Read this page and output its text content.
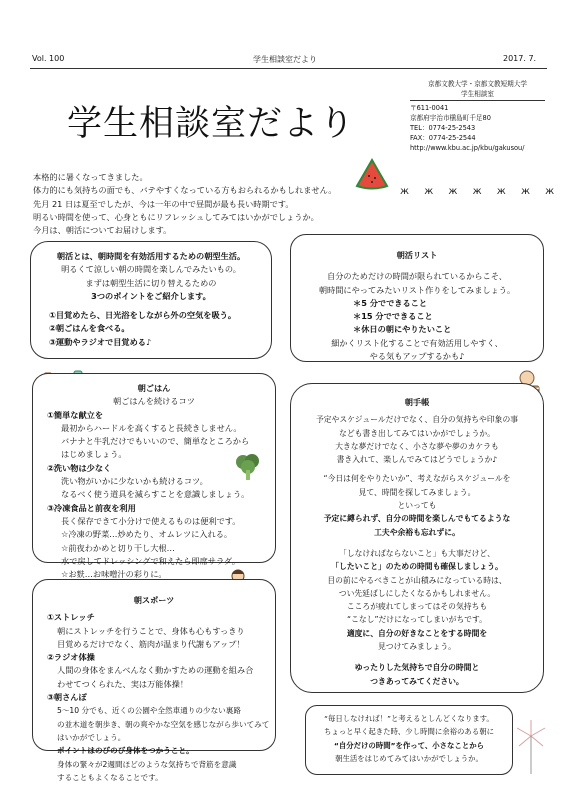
Vol. 100	学生相談室だより	2017. 7.
学生相談室だより
京都文教大学・京都文教短期大学
学生相談室
〒611-0041
京都府宇治市槇島町千足80
TEL：0774-25-2543
FAX：0774-25-2544
http://www.kbu.ac.jp/kbu/gakusou/
本格的に暑くなってきました。
体力的にも気持ちの面でも、バテやすくなっている方もおられるかもしれません。
先月 21 日は夏至でしたが、今は一年の中で昼間が最も長い時期です。
明るい時間を使って、心身ともにリフレッシュしてみてはいかがでしょうか。
今月は、朝活についてお届けします。
ж ж ж ж ж ж ж
朝活とは、朝時間を有効活用するための朝型生活。
明るくて涼しい朝の時間を楽しんでみたいもの。
まずは朝型生活に切り替えるための
3つのポイントをご紹介します。
①目覚めたら、日光浴をしながら外の空気を吸う。
②朝ごはんを食べる。
③運動やラジオで目覚める♪
朝活リスト
自分のためだけの時間が限られているからこそ、
朝時間にやってみたいリスト作りをしてみましょう。
＊5 分でできること
＊15 分でできること
＊休日の朝にやりたいこと
細かくリスト化することで有効活用しやすく、
やる気もアップするかも♪
朝ごはん
朝ごはんを続けるコツ
①簡単な献立を
最初からハードルを高くすると長続きしません。
バナナと牛乳だけでもいいので、簡単なところから
はじめましょう。
②洗い物は少なく
洗い物がいかに少ないかも続けるコツ。
なるべく使う道具を減らすことを意識しましょう。
③冷凍食品と前夜を利用
長く保存できて小分けで使えるものは便利です。
☆冷凍の野菜…炒めたり、オムレツに入れる。
☆前夜わかめと切り干し大根…
水で戻してドレッシングで和えたら即席サラダ。
☆お麩…お味噌汁の彩りに。
朝手帳
予定やスケジュールだけでなく、自分の気持ちや印象の事
なども書き出してみてはいかがでしょうか。
大きな夢だけでなく、小さな夢や夢のカケラも
書き入れて、楽しんでみてはどうでしょうか♪
“今日は何をやりたいか”、考えながらスケジュールを
見て、時間を探してみましょう。
といっても
予定に縛られず、自分の時間を楽しんでもてるような
工夫や余裕も忘れずに。
「しなければならないこと」も大事だけど、
「したいこと」のための時間も確保しましょう。
目の前にやるべきことが山積みになっている時は、
つい先延ばしにしたくなるかもしれません。
こころが疲れてしまってはその気持ちも
“こなし”だけになってしまいがちです。
適度に、自分の好きなことをする時間を
見つけてみましょう。
ゆったりした気持ちで自分の時間と
つきあってみてください。
朝スポーツ
①ストレッチ
朝にストレッチを行うことで、身体も心もすっきり
目覚めるだけでなく、筋肉が温まり代謝もアップ！
②ラジオ体操
人間の身体をまんべんなく動かすための運動を組み合
わせてつくられた、実は万能体操！
③朝さんぽ
5～10 分でも、近くの公園や全然車通りの少ない裏路
の並木道を朝歩き、朝の爽やかな空気を感じながら歩いてみて
はいかがでしょう。
ポイントはのびのび身体をつかうこと。
身体の緊々が2週間ほどのような気持ちで背筋を意識
することもよくなることです。
“毎日しなければ！”と考えるとしんどくなります。
ちょっと早く起きた時、少し時間に余裕のある朝に
“自分だけの時間”を作って、小さなことから
朝生活をはじめてみてはいかがでしょうか。
